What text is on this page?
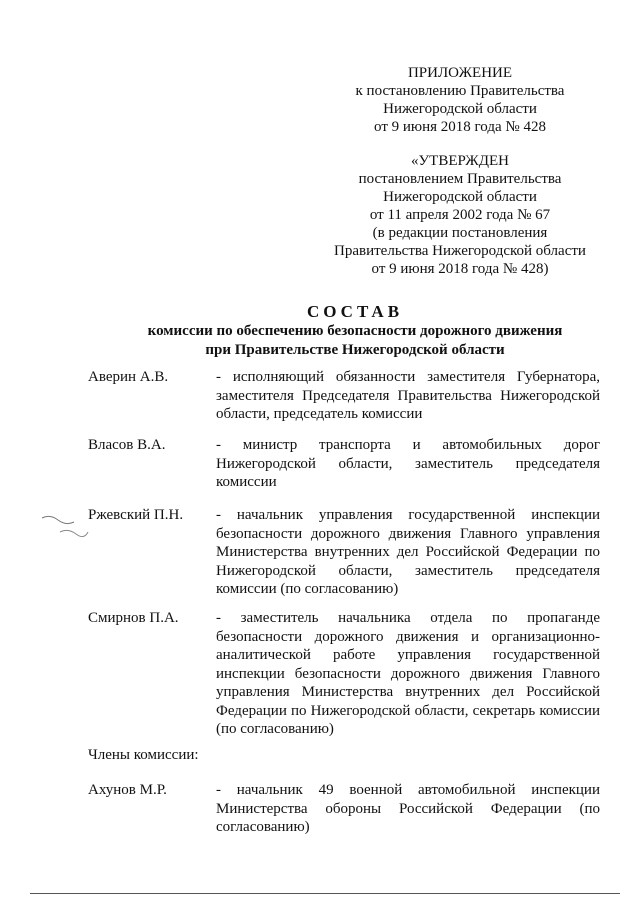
ПРИЛОЖЕНИЕ
к постановлению Правительства
Нижегородской области
от 9 июня 2018 года № 428
«УТВЕРЖДЕН
постановлением Правительства
Нижегородской области
от 11 апреля 2002 года № 67
(в редакции постановления
Правительства Нижегородской области
от 9 июня 2018 года № 428)
СОСТАВ
комиссии по обеспечению безопасности дорожного движения
при Правительстве Нижегородской области
Аверин А.В.	- исполняющий обязанности заместителя Губернатора, заместителя Председателя Правительства Нижегородской области, председатель комиссии
Власов В.А.	- министр транспорта и автомобильных дорог Нижегородской области, заместитель председателя комиссии
Ржевский П.Н.	- начальник управления государственной инспекции безопасности дорожного движения Главного управления Министерства внутренних дел Российской Федерации по Нижегородской области, заместитель председателя комиссии (по согласованию)
Смирнов П.А.	- заместитель начальника отдела по пропаганде безопасности дорожного движения и организационно-аналитической работе управления государственной инспекции безопасности дорожного движения Главного управления Министерства внутренних дел Российской Федерации по Нижегородской области, секретарь комиссии (по согласованию)
Члены комиссии:
Ахунов М.Р.	- начальник 49 военной автомобильной инспекции Министерства обороны Российской Федерации (по согласованию)
